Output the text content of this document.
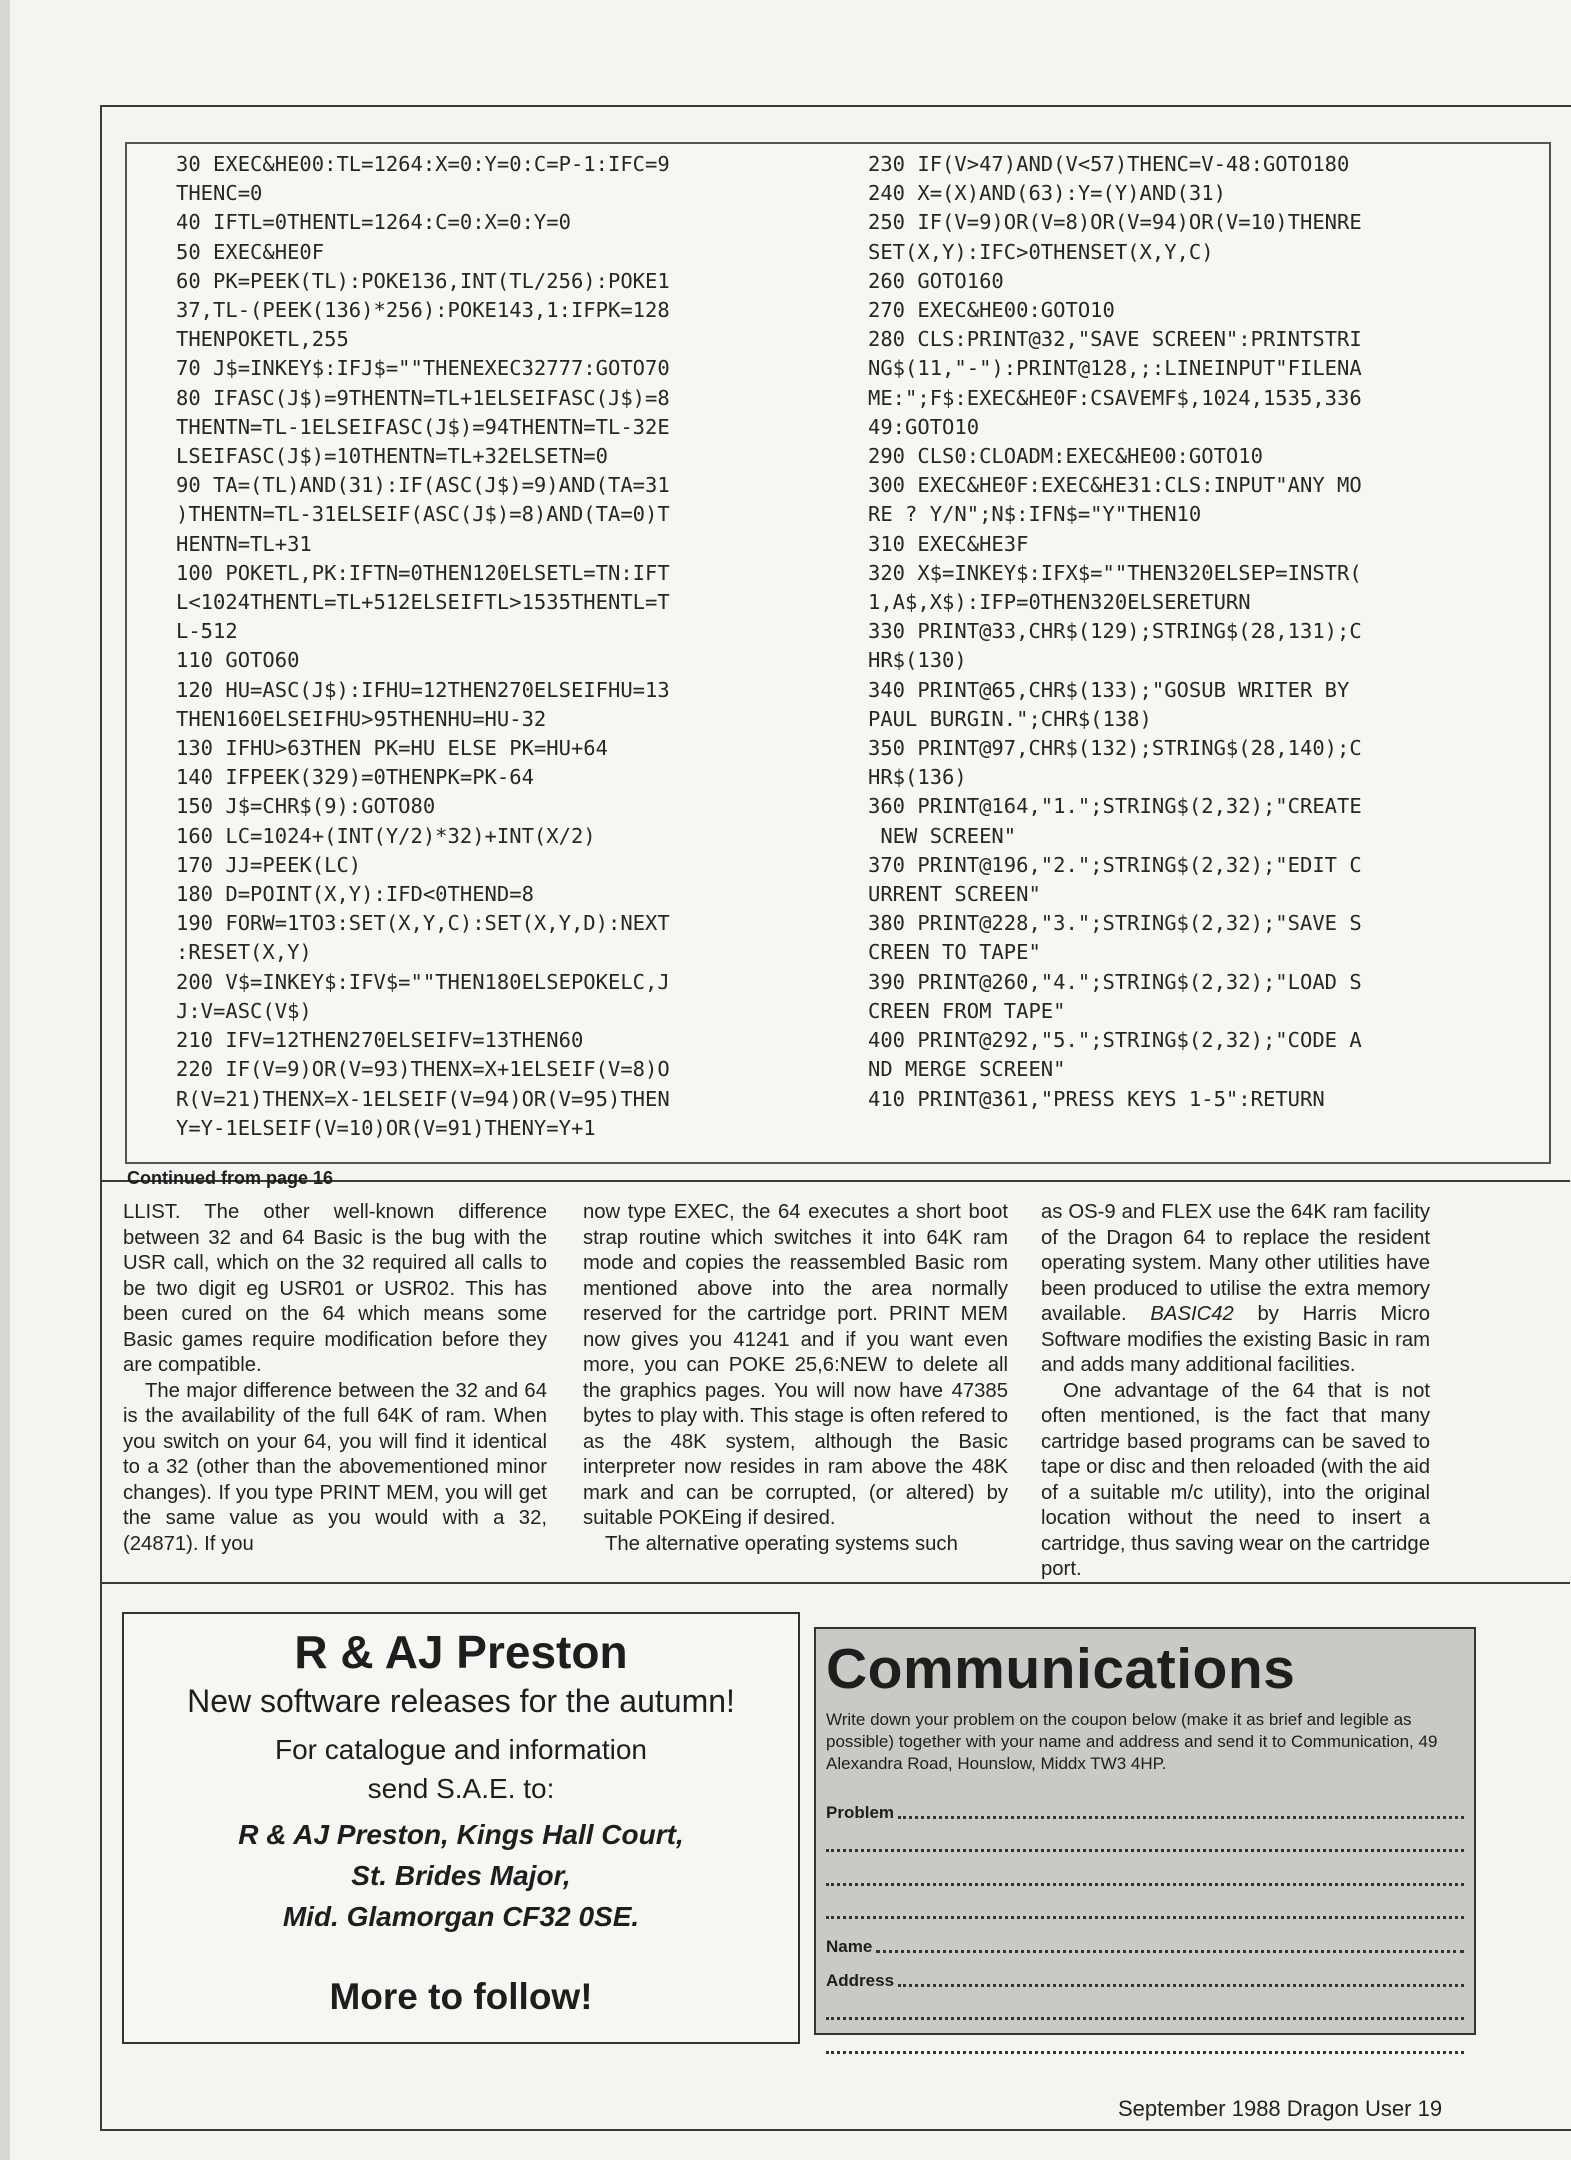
30 EXEC&HE00:TL=1264:X=0:Y=0:C=P-1:IFC=9
THENC=0
40 IFTL=0THENTL=1264:C=0:X=0:Y=0
50 EXEC&HE0F
60 PK=PEEK(TL):POKE136,INT(TL/256):POKE1
37,TL-(PEEK(136)*256):POKE143,1:IFPK=128
THENPOKETL,255
70 J$=INKEY$:IFJ$=""THENEXEC32777:GOTO70
80 IFASC(J$)=9THENTN=TL+1ELSEIFASC(J$)=8
THENTN=TL-1ELSEIFASC(J$)=94THENTN=TL-32E
LSEIFASC(J$)=10THENTN=TL+32ELSETN=0
90 TA=(TL)AND(31):IF(ASC(J$)=9)AND(TA=31
)THENTN=TL-31ELSEIF(ASC(J$)=8)AND(TA=0)T
HENTN=TL+31
100 POKETL,PK:IFTN=0THEN120ELSETL=TN:IFT
L<1024THENTL=TL+512ELSEIFTL>1535THENTL=T
L-512
110 GOTO60
120 HU=ASC(J$):IFHU=12THEN270ELSEIFHU=13
THEN160ELSEIFHU>95THENHU=HU-32
130 IFHU>63THEN PK=HU ELSE PK=HU+64
140 IFPEEK(329)=0THENPK=PK-64
150 J$=CHR$(9):GOTO80
160 LC=1024+(INT(Y/2)*32)+INT(X/2)
170 JJ=PEEK(LC)
180 D=POINT(X,Y):IFD<0THEND=8
190 FORW=1TO3:SET(X,Y,C):SET(X,Y,D):NEXT
:RESET(X,Y)
200 V$=INKEY$:IFV$=""THEN180ELSEPOKELC,J
J:V=ASC(V$)
210 IFV=12THEN270ELSEIFV=13THEN60
220 IF(V=9)OR(V=93)THENX=X+1ELSEIF(V=8)O
R(V=21)THENX=X-1ELSEIF(V=94)OR(V=95)THEN
Y=Y-1ELSEIF(V=10)OR(V=91)THENY=Y+1
230 IF(V>47)AND(V<57)THENC=V-48:GOTO180
240 X=(X)AND(63):Y=(Y)AND(31)
250 IF(V=9)OR(V=8)OR(V=94)OR(V=10)THENRE
SET(X,Y):IFC>0THENSET(X,Y,C)
260 GOTO160
270 EXEC&HE00:GOTO10
280 CLS:PRINT@32,"SAVE SCREEN":PRINTSTRI
NG$(11,"-"):PRINT@128,;:LINEINPUT"FILENA
ME:";F$:EXEC&HE0F:CSAVEMF$,1024,1535,336
49:GOTO10
290 CLS0:CLOADM:EXEC&HE00:GOTO10
300 EXEC&HE0F:EXEC&HE31:CLS:INPUT"ANY MO
RE ? Y/N";N$:IFN$="Y"THEN10
310 EXEC&HE3F
320 X$=INKEY$:IFX$=""THEN320ELSEP=INSTR(
1,A$,X$):IFP=0THEN320ELSERETURN
330 PRINT@33,CHR$(129);STRING$(28,131);C
HR$(130)
340 PRINT@65,CHR$(133);"GOSUB WRITER BY
PAUL BURGIN.";CHR$(138)
350 PRINT@97,CHR$(132);STRING$(28,140);C
HR$(136)
360 PRINT@164,"1.";STRING$(2,32);"CREATE
NEW SCREEN"
370 PRINT@196,"2.";STRING$(2,32);"EDIT C
URRENT SCREEN"
380 PRINT@228,"3.";STRING$(2,32);"SAVE S
CREEN TO TAPE"
390 PRINT@260,"4.";STRING$(2,32);"LOAD S
CREEN FROM TAPE"
400 PRINT@292,"5.";STRING$(2,32);"CODE A
ND MERGE SCREEN"
410 PRINT@361,"PRESS KEYS 1-5":RETURN
Continued from page 16

LLIST. The other well-known difference between 32 and 64 Basic is the bug with the USR call, which on the 32 required all calls to be two digit eg USR01 or USR02. This has been cured on the 64 which means some Basic games require modification before they are compatible.

The major difference between the 32 and 64 is the availability of the full 64K of ram. When you switch on your 64, you will find it identical to a 32 (other than the abovementioned minor changes). If you type PRINT MEM, you will get the same value as you would with a 32, (24871). If you

now type EXEC, the 64 executes a short boot strap routine which switches it into 64K ram mode and copies the reassembled Basic rom mentioned above into the area normally reserved for the cartridge port. PRINT MEM now gives you 41241 and if you want even more, you can POKE 25,6:NEW to delete all the graphics pages. You will now have 47385 bytes to play with. This stage is often refered to as the 48K system, although the Basic interpreter now resides in ram above the 48K mark and can be corrupted, (or altered) by suitable POKEing if desired.

The alternative operating systems such

as OS-9 and FLEX use the 64K ram facility of the Dragon 64 to replace the resident operating system. Many other utilities have been produced to utilise the extra memory available. BASIC42 by Harris Micro Software modifies the existing Basic in ram and adds many additional facilities.

One advantage of the 64 that is not often mentioned, is the fact that many cartridge based programs can be saved to tape or disc and then reloaded (with the aid of a suitable m/c utility), into the original location without the need to insert a cartridge, thus saving wear on the cartridge port.

R & AJ Preston
New software releases for the autumn!
For catalogue and information
send S.A.E. to:
R & AJ Preston, Kings Hall Court,
St. Brides Major,
Mid. Glamorgan CF32 0SE.
More to follow!
Communications
Write down your problem on the coupon below (make it as brief and legible as possible) together with your name and address and send it to Communication, 49 Alexandra Road, Hounslow, Middx TW3 4HP.
Problem
Name
Address
September 1988 Dragon User 19
